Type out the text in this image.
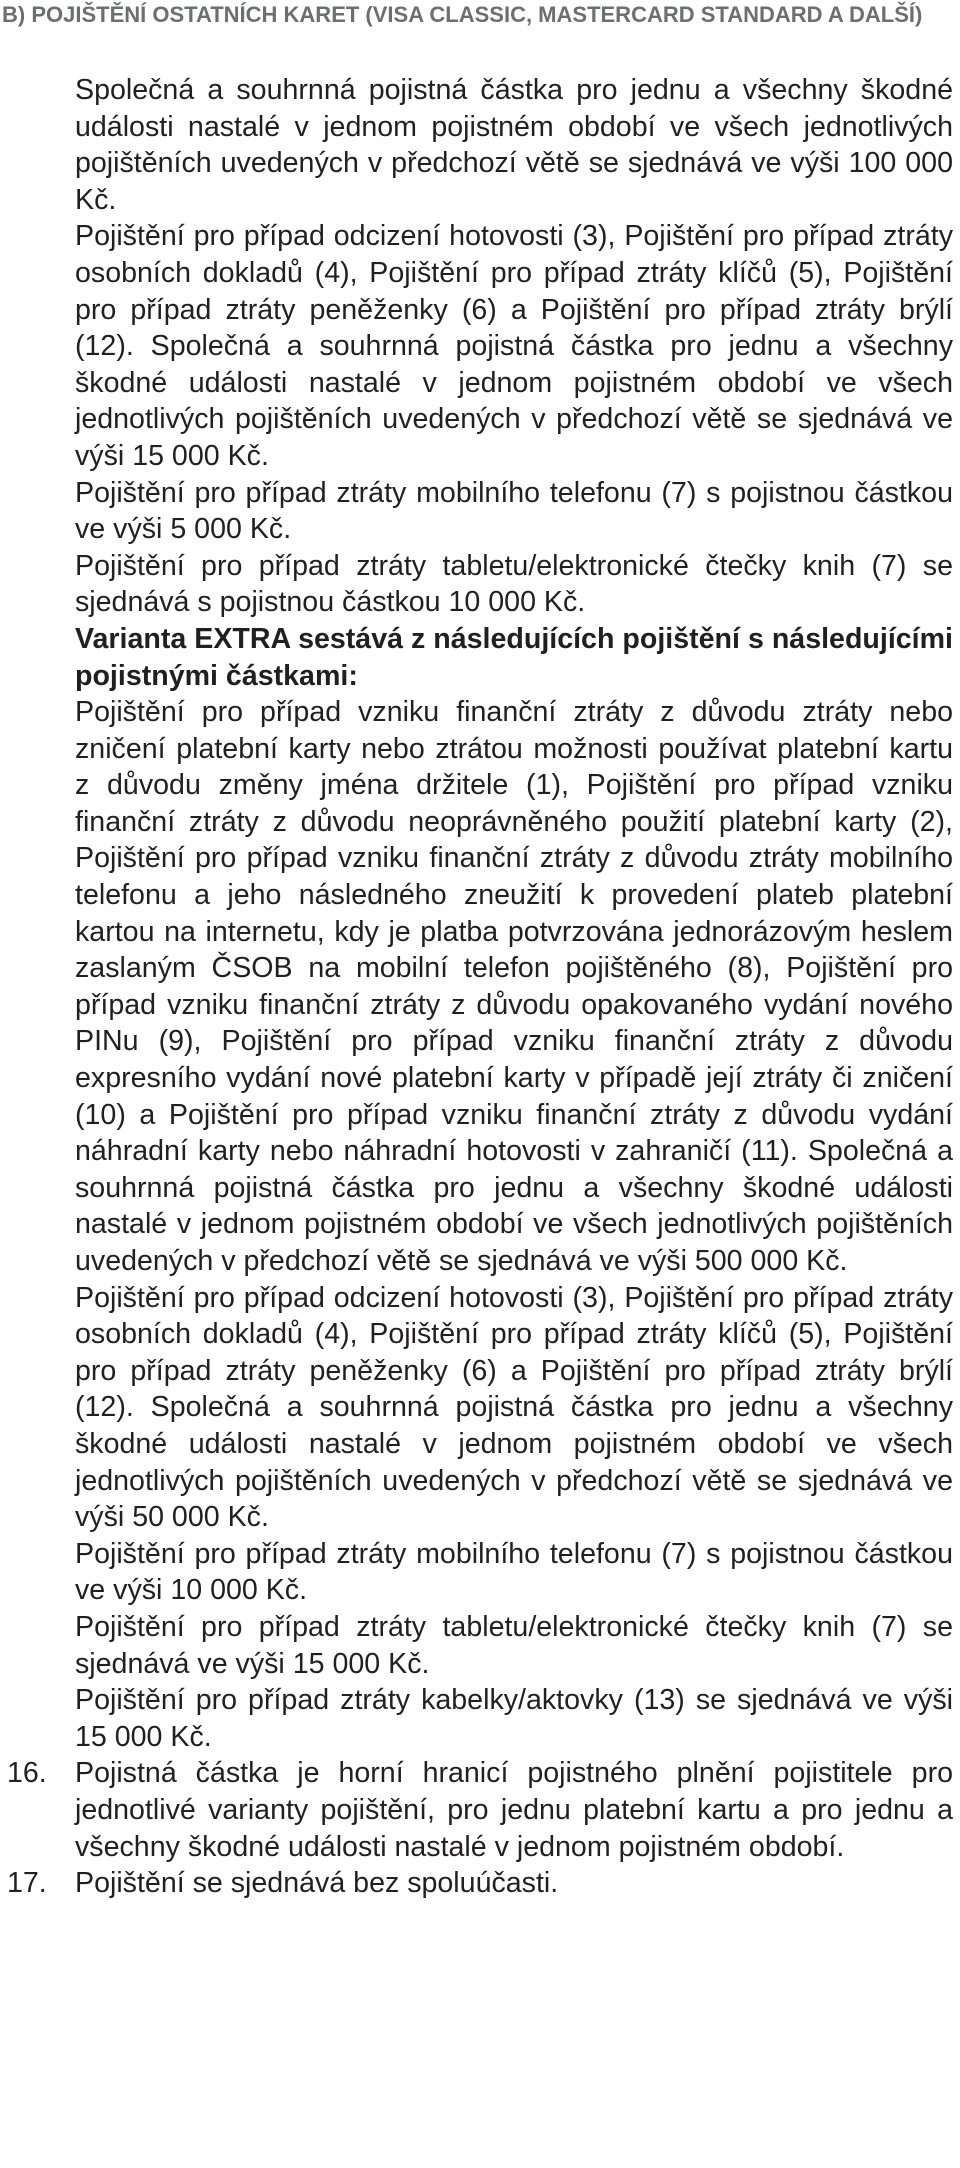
B) POJIŠTĚNÍ OSTATNÍCH KARET (VISA CLASSIC, MASTERCARD STANDARD A DALŠÍ)

Společná a souhrnná pojistná částka pro jednu a všechny škodné události nastalé v jednom pojistném období ve všech jednotlivých pojištěních uvedených v předchozí větě se sjednává ve výši 100 000 Kč.

Pojištění pro případ odcizení hotovosti (3), Pojištění pro případ ztráty osobních dokladů (4), Pojištění pro případ ztráty klíčů (5), Pojištění pro případ ztráty peněženky (6) a Pojištění pro případ ztráty brýlí (12). Společná a souhrnná pojistná částka pro jednu a všechny škodné události nastalé v jednom pojistném období ve všech jednotlivých pojištěních uvedených v předchozí větě se sjednává ve výši 15 000 Kč.

Pojištění pro případ ztráty mobilního telefonu (7) s pojistnou částkou ve výši 5 000 Kč.

Pojištění pro případ ztráty tabletu/elektronické čtečky knih (7) se sjednává s pojistnou částkou 10 000 Kč.

Varianta EXTRA sestává z následujících pojištění s následujícími pojistnými částkami:

Pojištění pro případ vzniku finanční ztráty z důvodu ztráty nebo zničení platební karty nebo ztrátou možnosti používat platební kartu z důvodu změny jména držitele (1), Pojištění pro případ vzniku finanční ztráty z důvodu neoprávněného použití platební karty (2), Pojištění pro případ vzniku finanční ztráty z důvodu ztráty mobilního telefonu a jeho následného zneužití k provedení plateb platební kartou na internetu, kdy je platba potvrzována jednorázovým heslem zaslaným ČSOB na mobilní telefon pojištěného (8), Pojištění pro případ vzniku finanční ztráty z důvodu opakovaného vydání nového PINu (9), Pojištění pro případ vzniku finanční ztráty z důvodu expresního vydání nové platební karty v případě její ztráty či zničení (10) a Pojištění pro případ vzniku finanční ztráty z důvodu vydání náhradní karty nebo náhradní hotovosti v zahraničí (11). Společná a souhrnná pojistná částka pro jednu a všechny škodné události nastalé v jednom pojistném období ve všech jednotlivých pojištěních uvedených v předchozí větě se sjednává ve výši 500 000 Kč.

Pojištění pro případ odcizení hotovosti (3), Pojištění pro případ ztráty osobních dokladů (4), Pojištění pro případ ztráty klíčů (5), Pojištění pro případ ztráty peněženky (6) a Pojištění pro případ ztráty brýlí (12). Společná a souhrnná pojistná částka pro jednu a všechny škodné události nastalé v jednom pojistném období ve všech jednotlivých pojištěních uvedených v předchozí větě se sjednává ve výši 50 000 Kč.

Pojištění pro případ ztráty mobilního telefonu (7) s pojistnou částkou ve výši 10 000 Kč.

Pojištění pro případ ztráty tabletu/elektronické čtečky knih (7) se sjednává ve výši 15 000 Kč.

Pojištění pro případ ztráty kabelky/aktovky (13) se sjednává ve výši 15 000 Kč.

16. Pojistná částka je horní hranicí pojistného plnění pojistitele pro jednotlivé varianty pojištění, pro jednu platební kartu a pro jednu a všechny škodné události nastalé v jednom pojistném období.

17. Pojištění se sjednává bez spoluúčasti.
